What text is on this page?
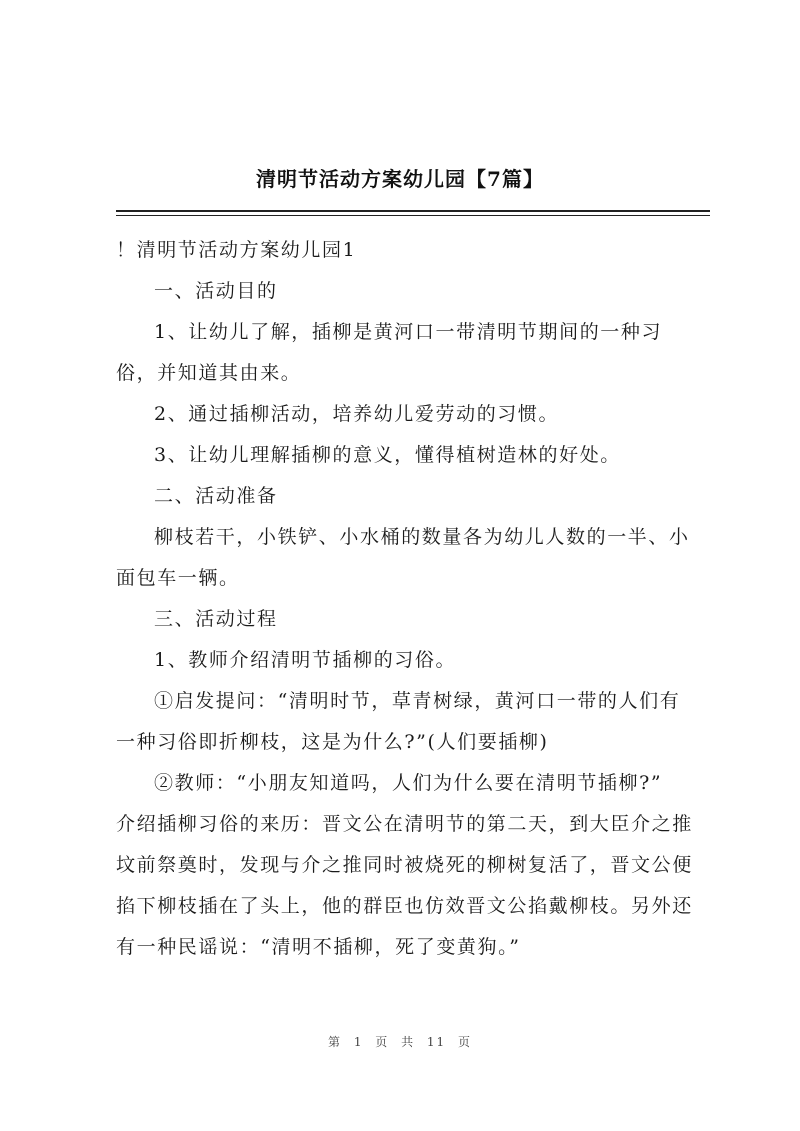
清明节活动方案幼儿园【7篇】

！清明节活动方案幼儿园1

一、活动目的

1、让幼儿了解，插柳是黄河口一带清明节期间的一种习

俗，并知道其由来。

2、通过插柳活动，培养幼儿爱劳动的习惯。

3、让幼儿理解插柳的意义，懂得植树造林的好处。

二、活动准备

柳枝若干，小铁铲、小水桶的数量各为幼儿人数的一半、小

面包车一辆。

三、活动过程

1、教师介绍清明节插柳的习俗。

①启发提问：“清明时节，草青树绿，黄河口一带的人们有

一种习俗即折柳枝，这是为什么?”(人们要插柳)

②教师：“小朋友知道吗，人们为什么要在清明节插柳?”

介绍插柳习俗的来历：晋文公在清明节的第二天，到大臣介之推

坟前祭奠时，发现与介之推同时被烧死的柳树复活了，晋文公便

掐下柳枝插在了头上，他的群臣也仿效晋文公掐戴柳枝。另外还

有一种民谣说：“清明不插柳，死了变黄狗。”

第 1 页 共 11 页
